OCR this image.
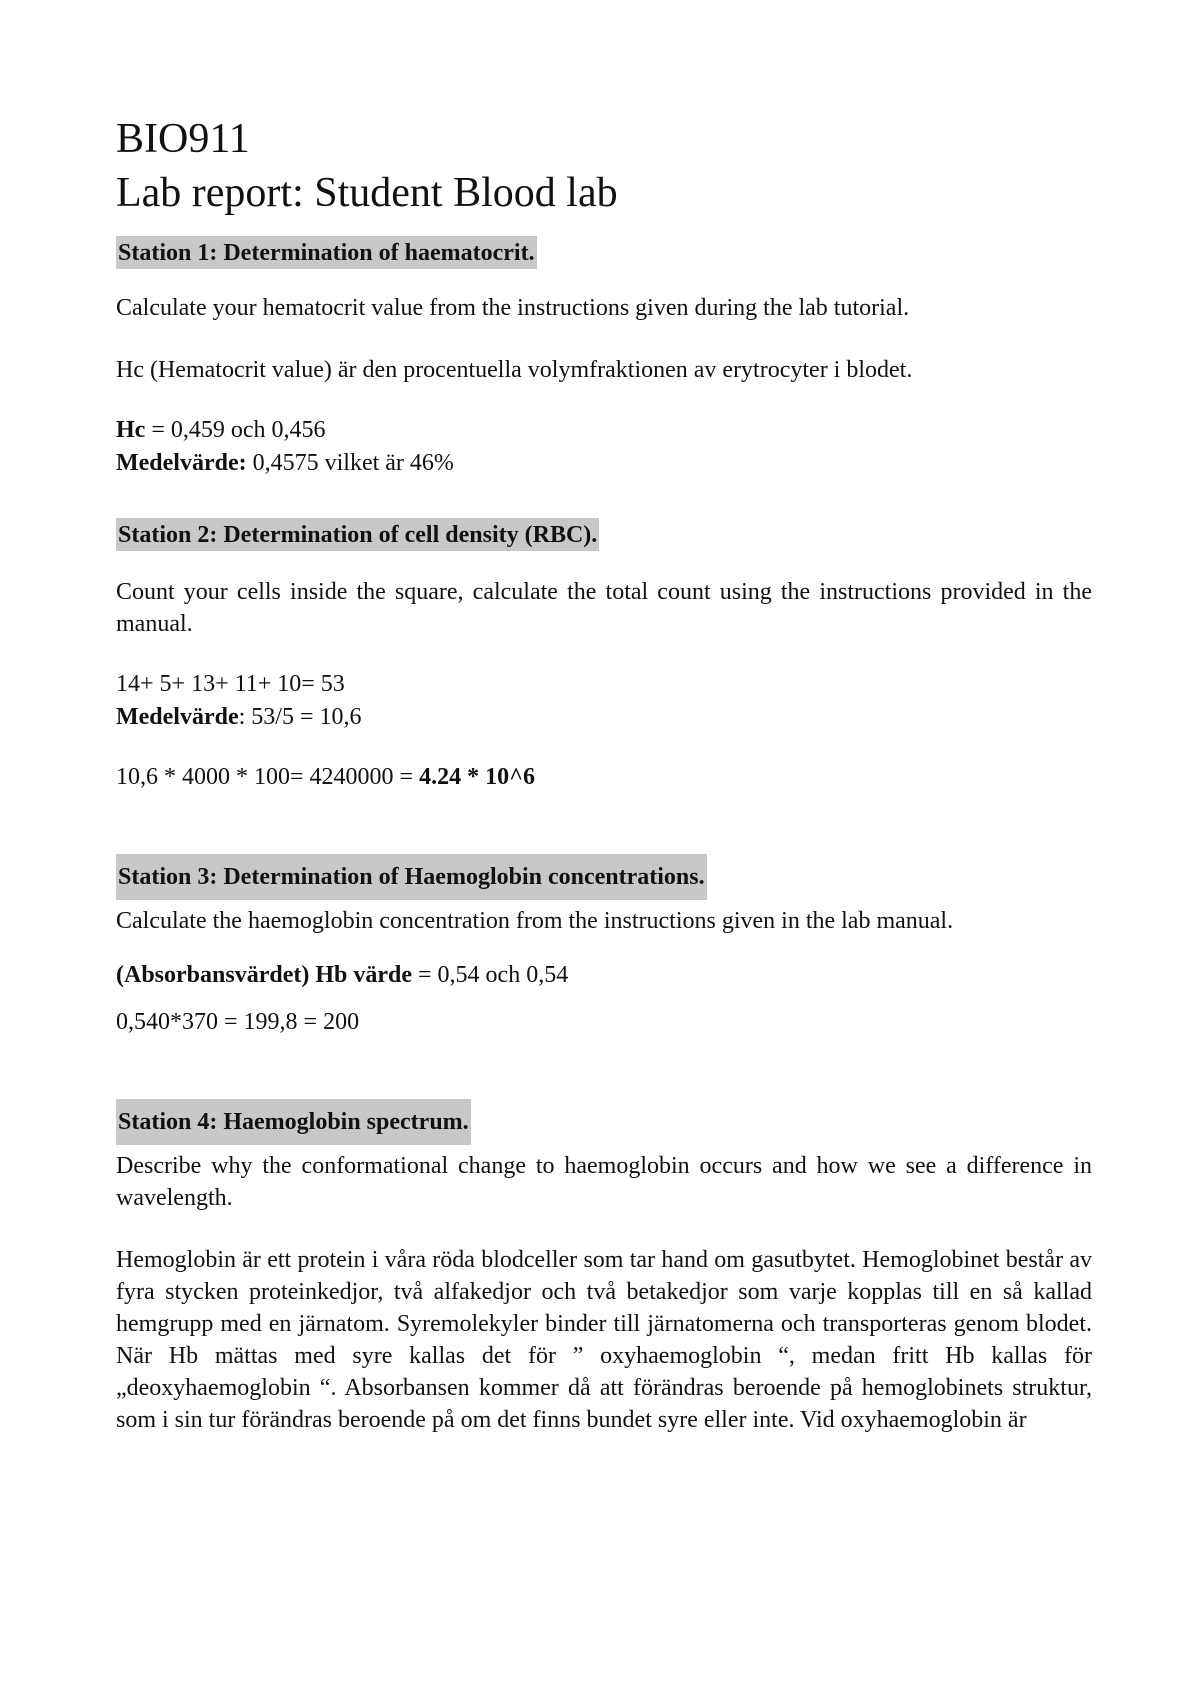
BIO911
Lab report: Student Blood lab
Station 1: Determination of haematocrit.

Calculate your hematocrit value from the instructions given during the lab tutorial.

Hc (Hematocrit value) är den procentuella volymfraktionen av erytrocyter i blodet.

Hc = 0,459 och 0,456

Medelvärde: 0,4575 vilket är 46%

Station 2: Determination of cell density (RBC).

Count your cells inside the square, calculate the total count using the instructions provided in the manual.

14+ 5+ 13+ 11+ 10= 53

Medelvärde: 53/5 = 10,6

10,6 * 4000 * 100= 4240000 = 4.24 * 10^6

Station 3: Determination of Haemoglobin concentrations.

Calculate the haemoglobin concentration from the instructions given in the lab manual.

(Absorbansvärdet) Hb värde = 0,54 och 0,54

0,540*370 = 199,8 = 200

Station 4: Haemoglobin spectrum.

Describe why the conformational change to haemoglobin occurs and how we see a difference in wavelength.

Hemoglobin är ett protein i våra röda blodceller som tar hand om gasutbytet. Hemoglobinet består av fyra stycken proteinkedjor, två alfakedjor och två betakedjor som varje kopplas till en så kallad hemgrupp med en järnatom. Syremolekyler binder till järnatomerna och transporteras genom blodet. När Hb mättas med syre kallas det för ” oxyhaemoglobin “, medan fritt Hb kallas för „deoxyhaemoglobin “. Absorbansen kommer då att förändras beroende på hemoglobinets struktur, som i sin tur förändras beroende på om det finns bundet syre eller inte. Vid oxyhaemoglobin är
